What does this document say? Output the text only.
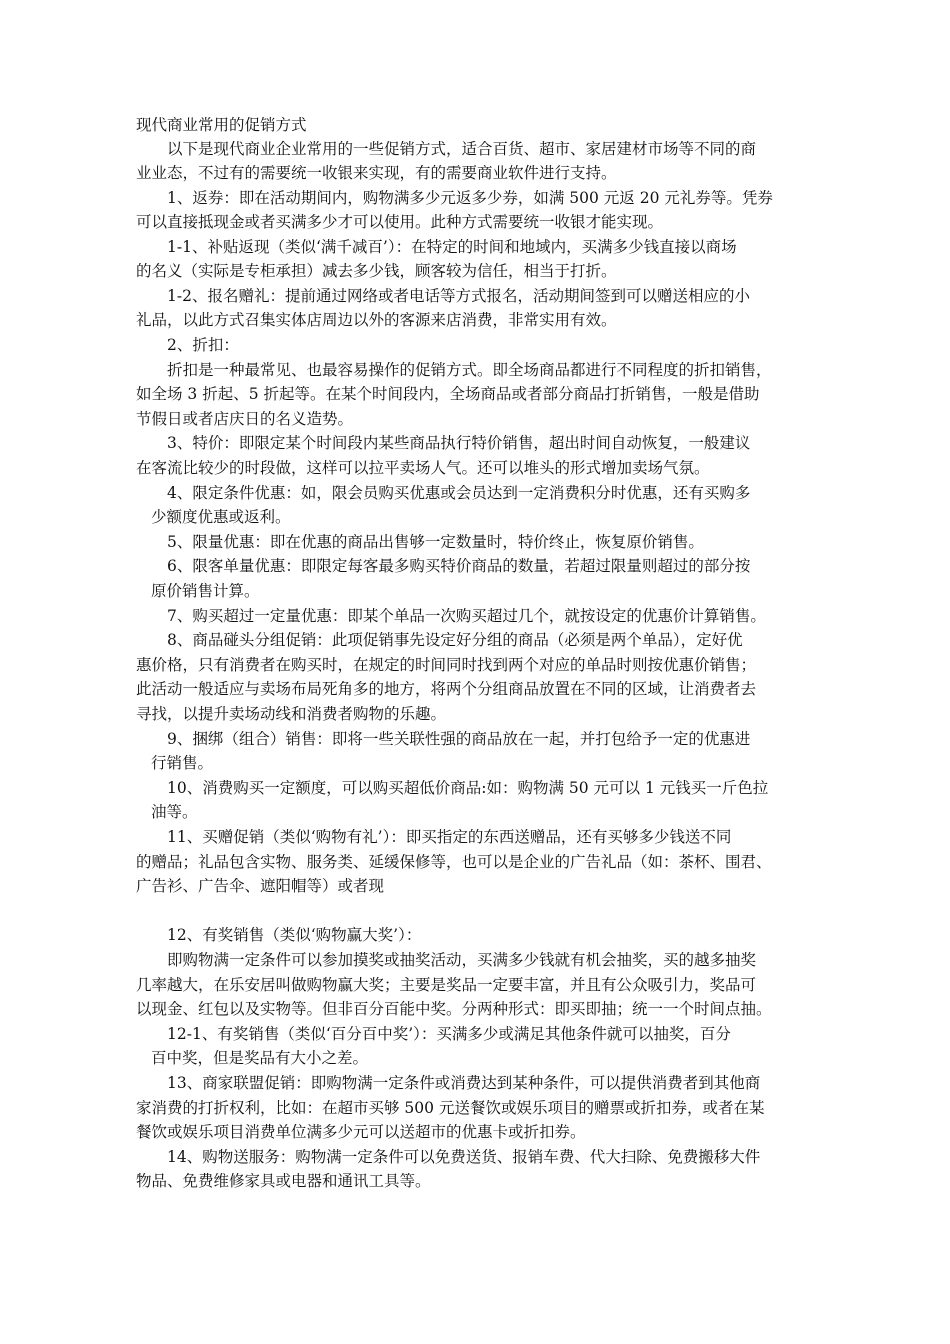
现代商业常用的促销方式
以下是现代商业企业常用的一些促销方式，适合百货、超市、家居建材市场等不同的商
业业态，不过有的需要统一收银来实现，有的需要商业软件进行支持。
1、返券：即在活动期间内，购物满多少元返多少券，如满 500 元返 20 元礼券等。凭券
可以直接抵现金或者买满多少才可以使用。此种方式需要统一收银才能实现。
1-1、补贴返现（类似‘满千减百’）：在特定的时间和地域内，买满多少钱直接以商场
的名义（实际是专柜承担）减去多少钱，顾客较为信任，相当于打折。
1-2、报名赠礼：提前通过网络或者电话等方式报名，活动期间签到可以赠送相应的小
礼品，以此方式召集实体店周边以外的客源来店消费，非常实用有效。
2、折扣：
折扣是一种最常见、也最容易操作的促销方式。即全场商品都进行不同程度的折扣销售，
如全场 3 折起、5 折起等。在某个时间段内，全场商品或者部分商品打折销售，一般是借助
节假日或者店庆日的名义造势。
3、特价：即限定某个时间段内某些商品执行特价销售，超出时间自动恢复，一般建议
在客流比较少的时段做，这样可以拉平卖场人气。还可以堆头的形式增加卖场气氛。
4、限定条件优惠：如，限会员购买优惠或会员达到一定消费积分时优惠，还有买购多
少额度优惠或返利。
5、限量优惠：即在优惠的商品出售够一定数量时，特价终止，恢复原价销售。
6、限客单量优惠：即限定每客最多购买特价商品的数量，若超过限量则超过的部分按
原价销售计算。
7、购买超过一定量优惠：即某个单品一次购买超过几个，就按设定的优惠价计算销售。
8、商品碰头分组促销：此项促销事先设定好分组的商品（必须是两个单品），定好优
惠价格，只有消费者在购买时，在规定的时间同时找到两个对应的单品时则按优惠价销售；
此活动一般适应与卖场布局死角多的地方，将两个分组商品放置在不同的区域，让消费者去
寻找，以提升卖场动线和消费者购物的乐趣。
9、捆绑（组合）销售：即将一些关联性强的商品放在一起，并打包给予一定的优惠进
行销售。
10、消费购买一定额度，可以购买超低价商品:如：购物满 50 元可以 1 元钱买一斤色拉
油等。
11、买赠促销（类似‘购物有礼’）：即买指定的东西送赠品，还有买够多少钱送不同
的赠品；礼品包含实物、服务类、延缓保修等，也可以是企业的广告礼品（如：茶杯、围君、
广告衫、广告伞、遮阳帽等）或者现
12、有奖销售（类似‘购物赢大奖’）：
即购物满一定条件可以参加摸奖或抽奖活动，买满多少钱就有机会抽奖，买的越多抽奖
几率越大，在乐安居叫做购物赢大奖；主要是奖品一定要丰富，并且有公众吸引力，奖品可
以现金、红包以及实物等。但非百分百能中奖。分两种形式：即买即抽；统一一个时间点抽。
12-1、有奖销售（类似‘百分百中奖’）：买满多少或满足其他条件就可以抽奖，百分
百中奖，但是奖品有大小之差。
13、商家联盟促销：即购物满一定条件或消费达到某种条件，可以提供消费者到其他商
家消费的打折权利，比如：在超市买够 500 元送餐饮或娱乐项目的赠票或折扣券，或者在某
餐饮或娱乐项目消费单位满多少元可以送超市的优惠卡或折扣券。
14、购物送服务：购物满一定条件可以免费送货、报销车费、代大扫除、免费搬移大件
物品、免费维修家具或电器和通讯工具等。
